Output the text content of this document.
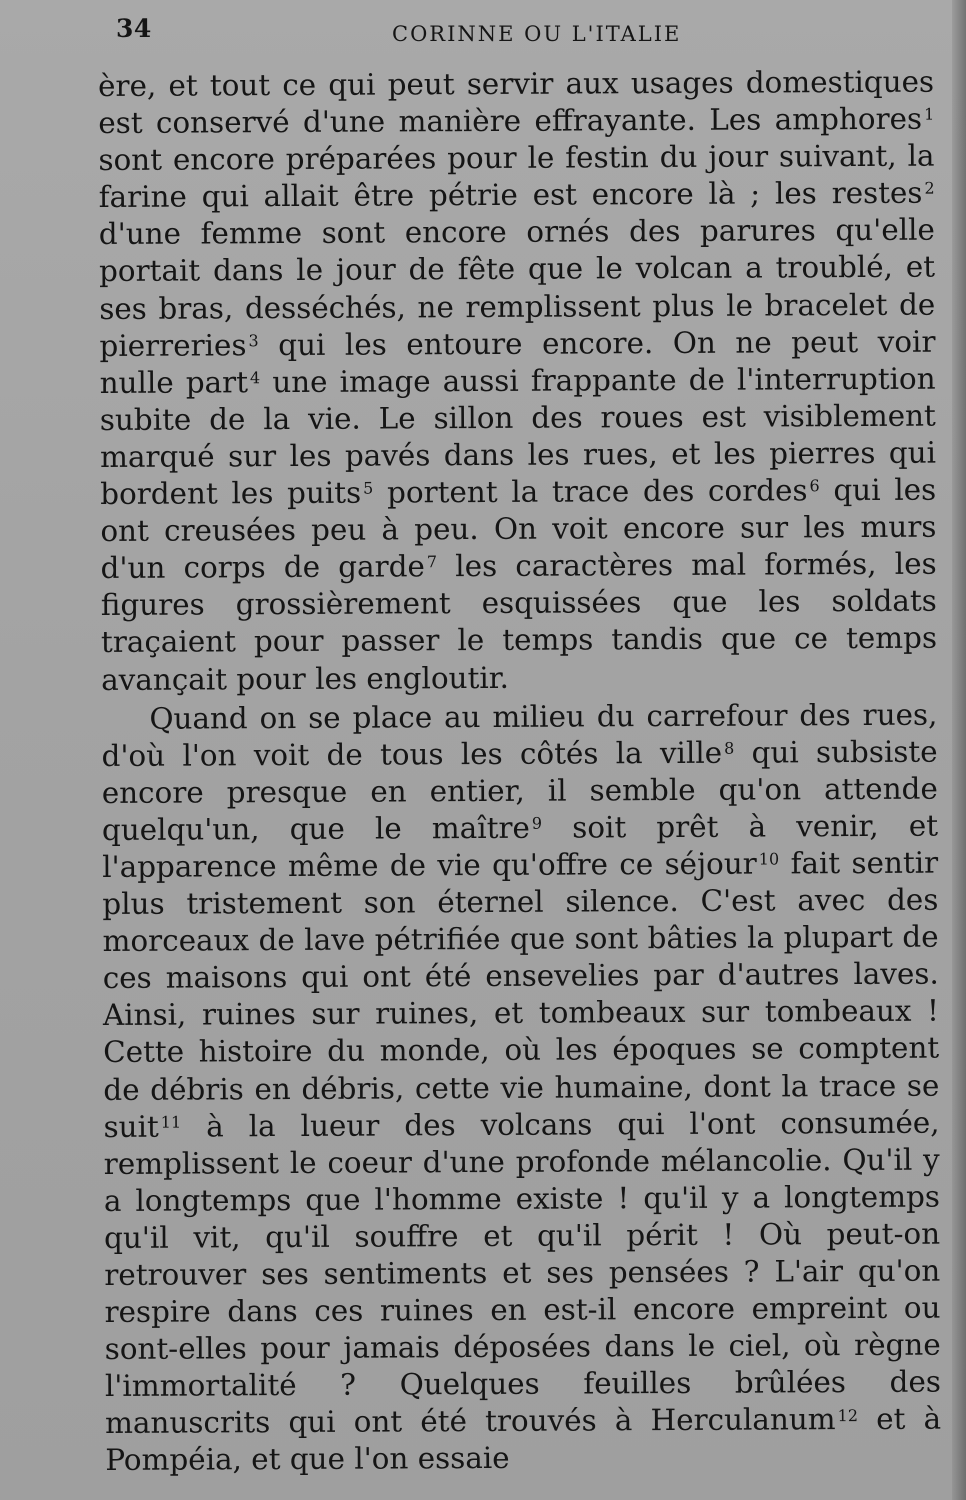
34	CORINNE OU L'ITALIE

ère, et tout ce qui peut servir aux usages domestiques est conservé d'une manière effrayante. Les amphores $^1$ sont encore préparées pour le festin du jour suivant, la farine qui allait être pétrie est encore là ; les restes $^2$ d'une femme sont encore ornés des parures qu'elle portait dans le jour de fête que le volcan a troublé, et ses bras, desséchés, ne remplissent plus le bracelet de pierreries $^3$ qui les entoure encore. On ne peut voir nulle part $^4$ une image aussi frappante de l'interruption subite de la vie. Le sillon des roues est visiblement marqué sur les pavés dans les rues, et les pierres qui bordent les puits $^5$ portent la trace des cordes $^6$ qui les ont creusées peu à peu. On voit encore sur les murs d'un corps de garde $^7$ les caractères mal formés, les figures grossièrement esquissées que les soldats traçaient pour passer le temps tandis que ce temps avançait pour les engloutir.

Quand on se place au milieu du carrefour des rues, d'où l'on voit de tous les côtés la ville $^8$ qui subsiste encore presque en entier, il semble qu'on attende quelqu'un, que le maître $^9$ soit prêt à venir, et l'apparence même de vie qu'offre ce séjour $^{10}$ fait sentir plus tristement son éternel silence. C'est avec des morceaux de lave pétrifiée que sont bâties la plupart de ces maisons qui ont été ensevelies par d'autres laves. Ainsi, ruines sur ruines, et tombeaux sur tombeaux ! Cette histoire du monde, où les époques se comptent de débris en débris, cette vie humaine, dont la trace se suit $^{11}$ à la lueur des volcans qui l'ont consumée, remplissent le coeur d'une profonde mélancolie. Qu'il y a longtemps que l'homme existe ! qu'il y a longtemps qu'il vit, qu'il souffre et qu'il périt ! Où peut-on retrouver ses sentiments et ses pensées ? L'air qu'on respire dans ces ruines en est-il encore empreint ou sont-elles pour jamais déposées dans le ciel, où règne l'immortalité ? Quelques feuilles brûlées des manuscrits qui ont été trouvés à Herculanum $^{12}$ et à Pompéia, et que l'on essaie
